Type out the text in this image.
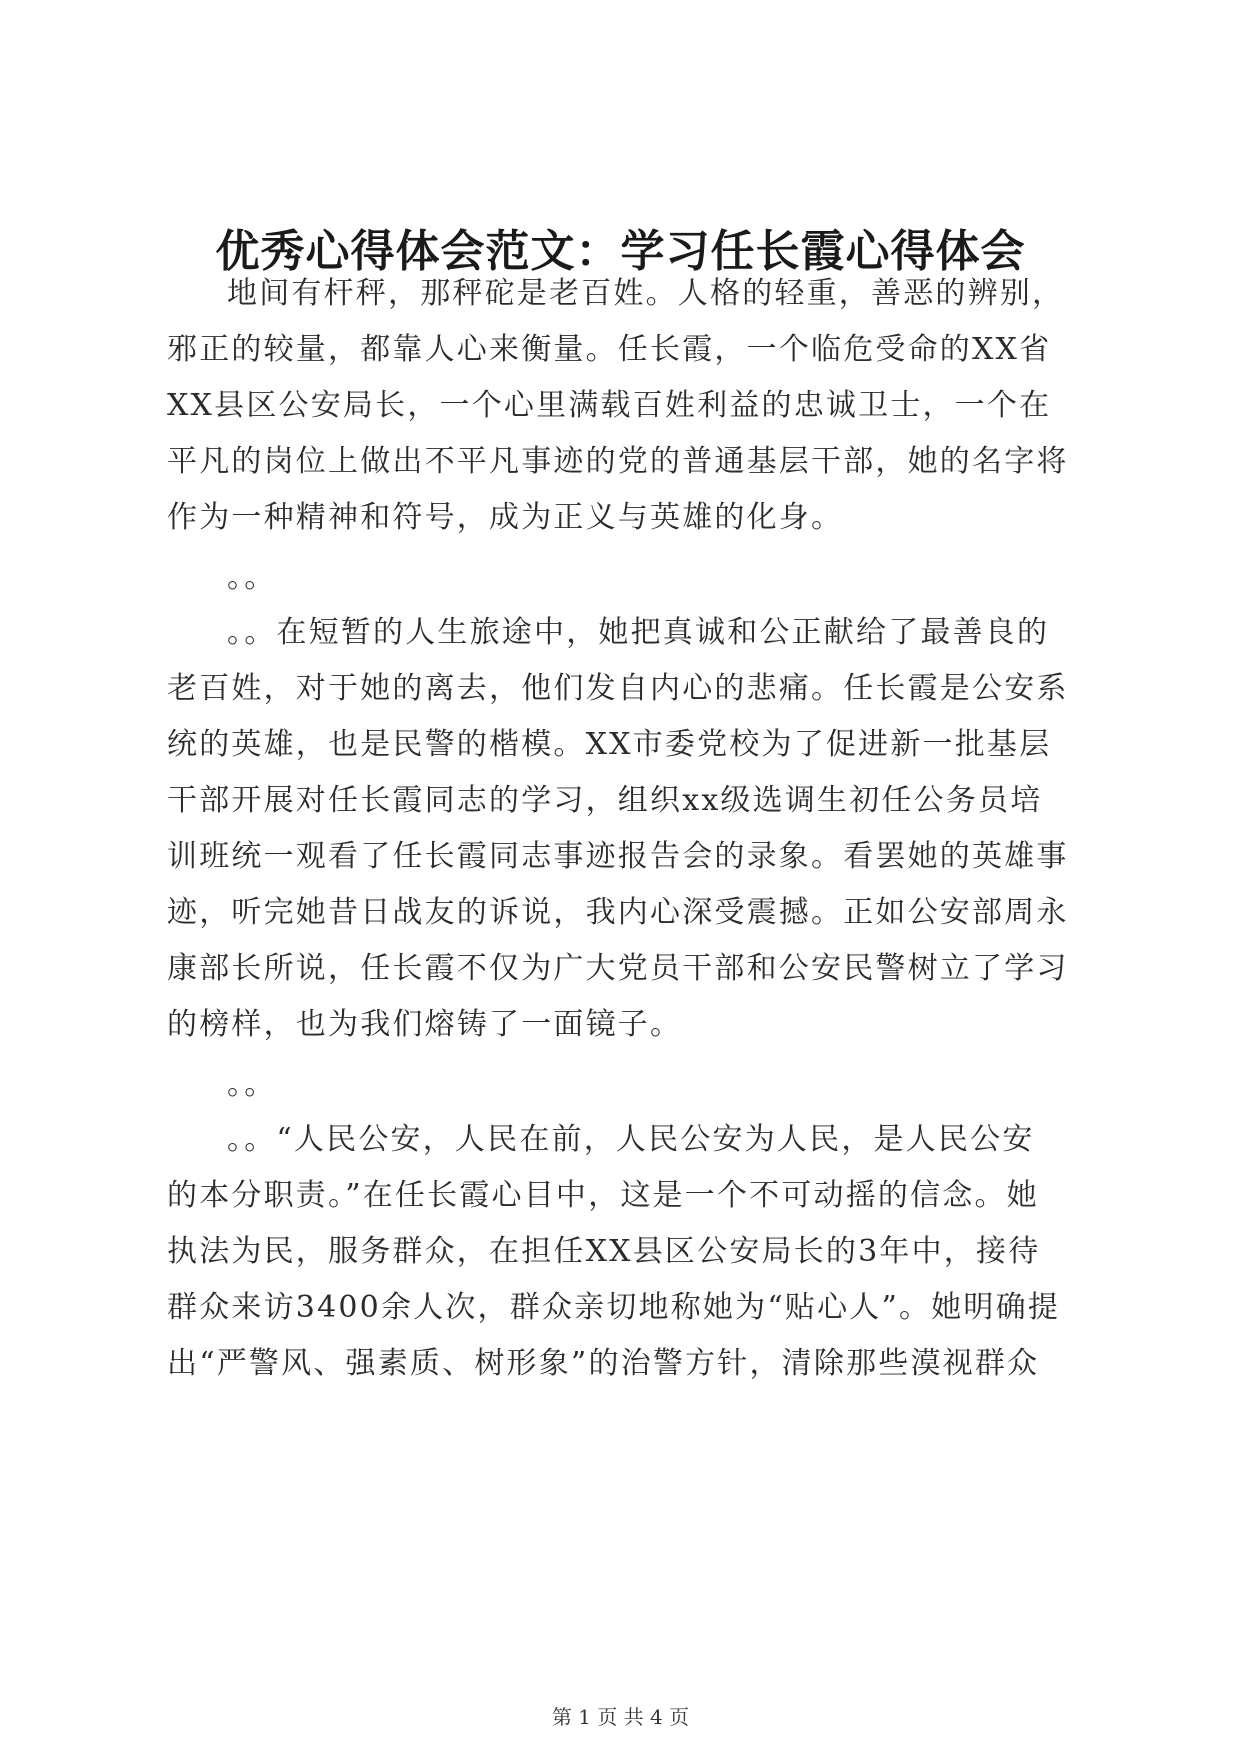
优秀心得体会范文：学习任长霞心得体会
地间有杆秤，那秤砣是老百姓。人格的轻重，善恶的辨别，
邪正的较量，都靠人心来衡量。任长霞，一个临危受命的XX省
XX县区公安局长，一个心里满载百姓利益的忠诚卫士，一个在
平凡的岗位上做出不平凡事迹的党的普通基层干部，她的名字将
作为一种精神和符号，成为正义与英雄的化身。
。。
。。在短暂的人生旅途中，她把真诚和公正献给了最善良的
老百姓，对于她的离去，他们发自内心的悲痛。任长霞是公安系
统的英雄，也是民警的楷模。XX市委党校为了促进新一批基层
干部开展对任长霞同志的学习，组织xx级选调生初任公务员培
训班统一观看了任长霞同志事迹报告会的录象。看罢她的英雄事
迹，听完她昔日战友的诉说，我内心深受震撼。正如公安部周永
康部长所说，任长霞不仅为广大党员干部和公安民警树立了学习
的榜样，也为我们熔铸了一面镜子。
。。
。。“人民公安，人民在前，人民公安为人民，是人民公安
的本分职责。”在任长霞心目中，这是一个不可动摇的信念。她
执法为民，服务群众，在担任XX县区公安局长的3年中，接待
群众来访3400余人次，群众亲切地称她为“贴心人”。她明确提
出“严警风、强素质、树形象”的治警方针，清除那些漠视群众
第 1 页 共 4 页
